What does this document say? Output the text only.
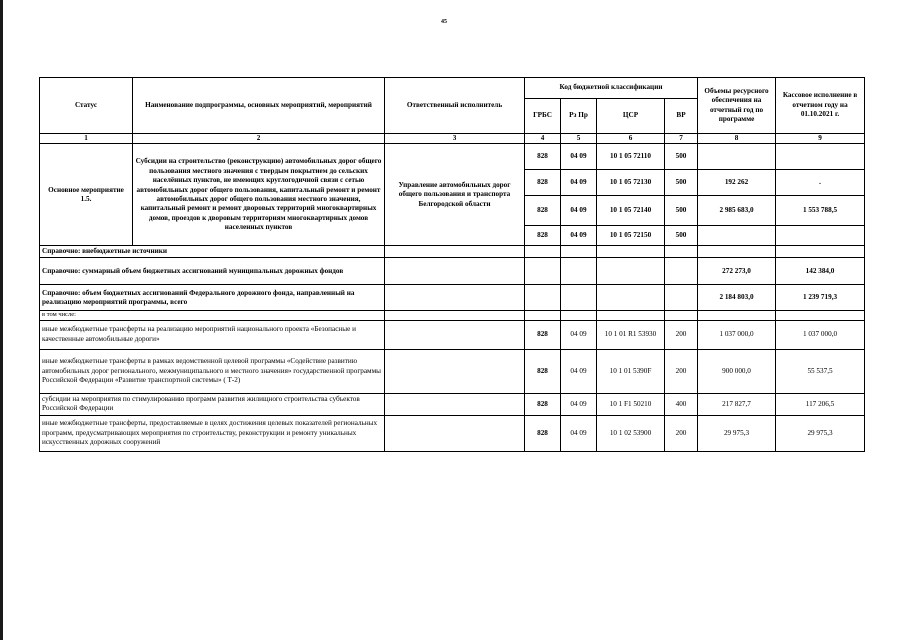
45
Статус	Наименование подпрограммы, основных мероприятий, мероприятий	Ответственный исполнитель	Код бюджетной классификации				Объемы ресурсного обеспечения на отчетный год по программе	Кассовое исполнение в отчетном году на 01.10.2021 г.
			ГРБС	Рз Пр	ЦСР	ВР		
1	2	3	4	5	6	7	8	9
Основное мероприятие 1.5.	Субсидии на строительство (реконструкцию) автомобильных дорог общего пользования местного значения с твердым покрытием до сельских населённых пунктов, не имеющих круглогодичной связи с сетью автомобильных дорог общего пользования, капитальный ремонт и ремонт автомобильных дорог общего пользования местного значения, капитальный ремонт и ремонт дворовых территорий многоквартирных домов, проездов к дворовым территориям многоквартирных домов населенных пунктов	Управление автомобильных дорог общего пользования и транспорта Белгородской области	828	04 09	10 1 05 72110	500		
			828	04 09	10 1 05 72130	500	192 262	.
			828	04 09	10 1 05 72140	500	2 985 683,0	1 553 788,5
			828	04 09	10 1 05 72150	500		
Справочно: внебюджетные источники								
Справочно: суммарный объем бюджетных ассигнований муниципальных дорожных фондов							272 273,0	142 384,0
Справочно: объем бюджетных ассигнований Федерального дорожного фонда, направленный на реализацию мероприятий программы, всего							2 184 803,0	1 239 719,3
в том числе:								
иные межбюджетные трансферты на реализацию мероприятий национального проекта «Безопасные и качественные автомобильные дороги»			828	04 09	10 1 01 R1 53930	200	1 037 000,0	1 037 000,0
иные межбюджетные трансферты в рамках ведомственной целевой программы «Содействие развитию автомобильных дорог регионального, межмуниципального и местного значения» государственной программы Российской Федерации «Развитие транспортной системы» ( Т-2)			828	04 09	10 1 01 5390F	200	900 000,0	55 537,5
субсидии на мероприятия по стимулированию программ развития жилищного строительства субъектов Российской Федерации			828	04 09	10 1 F1 50210	400	217 827,7	117 206,5
иные межбюджетные трансферты, предоставляемые в целях достижения целевых показателей региональных программ, предусматривающих мероприятия по строительству, реконструкции и ремонту уникальных искусственных дорожных сооружений			828	04 09	10 1 02 53900	200	29 975,3	29 975,3
